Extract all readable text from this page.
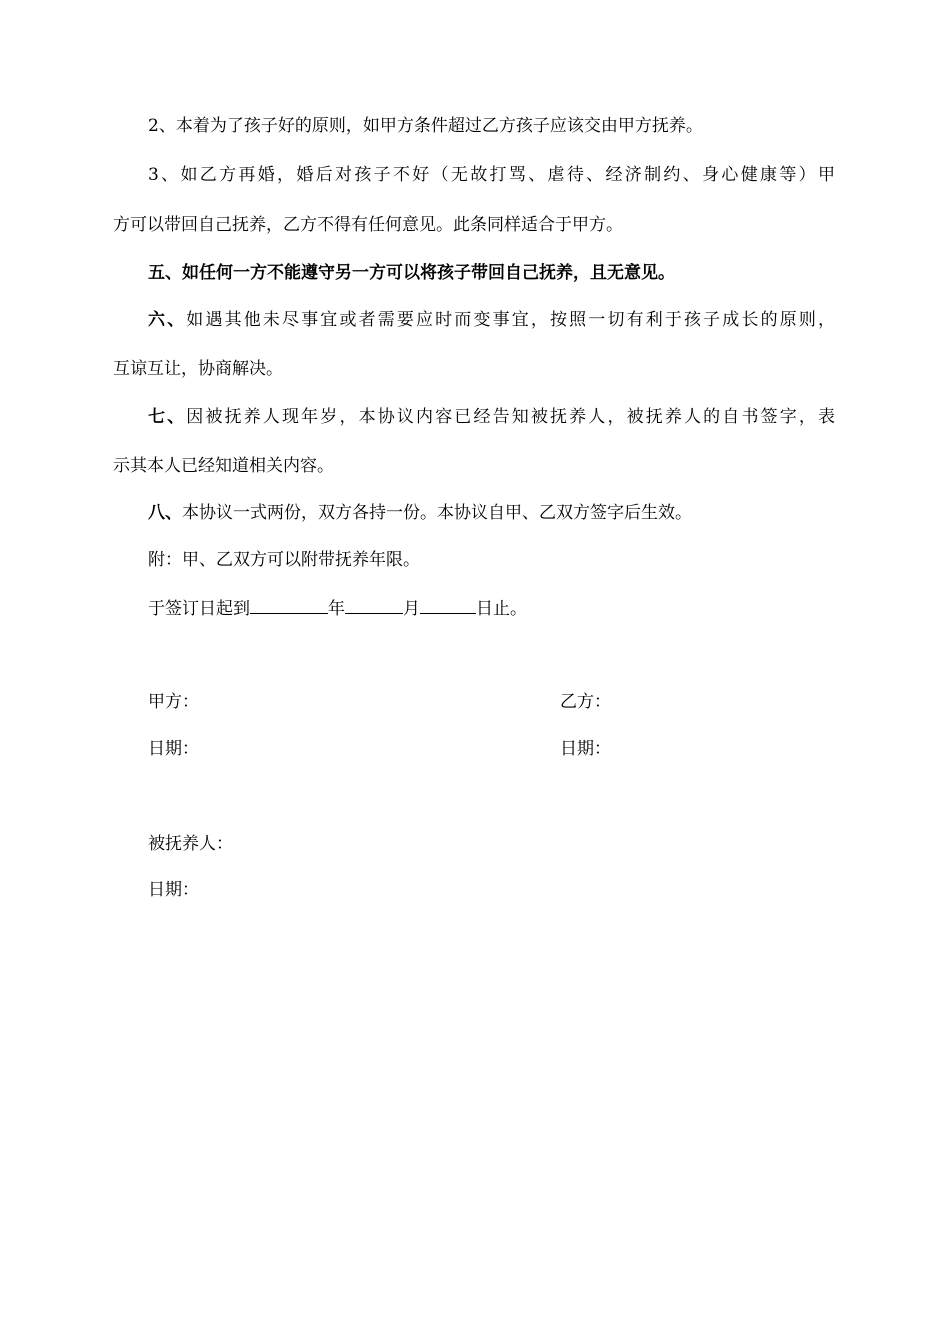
2、本着为了孩子好的原则，如甲方条件超过乙方孩子应该交由甲方抚养。
3、如乙方再婚，婚后对孩子不好（无故打骂、虐待、经济制约、身心健康等）甲
方可以带回自己抚养，乙方不得有任何意见。此条同样适合于甲方。
五、如任何一方不能遵守另一方可以将孩子带回自己抚养，且无意见。
六、如遇其他未尽事宜或者需要应时而变事宜，按照一切有利于孩子成长的原则，
互谅互让，协商解决。
七、因被抚养人现年岁，本协议内容已经告知被抚养人，被抚养人的自书签字，表
示其本人已经知道相关内容。
八、本协议一式两份，双方各持一份。本协议自甲、乙双方签字后生效。
附：甲、乙双方可以附带抚养年限。
于签订日起到	年	月	日止。
甲方：	乙方：
日期：	日期：
被抚养人：
日期：
